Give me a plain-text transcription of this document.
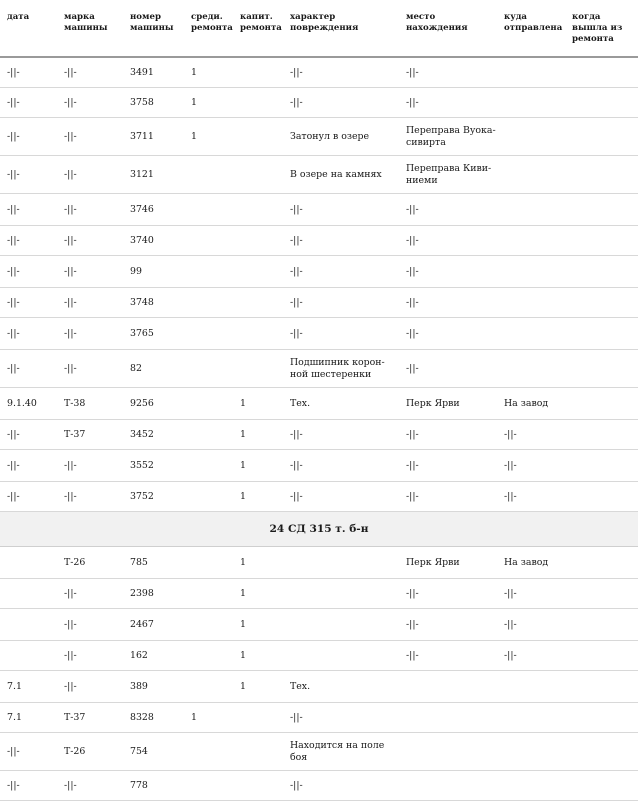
дата	марка машины	номер машины	среди. ремонта	капит. ремонта	характер повреждения	место нахождения	куда отправлена	когда вышла из ремонта
-||-	-||-	3491	1		-||-	-||-		
-||-	-||-	3758	1		-||-	-||-		
-||-	-||-	3711	1		Затонул в озере	Переправа Вуока-сивирта		
-||-	-||-	3121			В озере на камнях	Переправа Киви-ниеми		
-||-	-||-	3746			-||-	-||-		
-||-	-||-	3740			-||-	-||-		
-||-	-||-	99			-||-	-||-		
-||-	-||-	3748			-||-	-||-		
-||-	-||-	3765			-||-	-||-		
-||-	-||-	82			Подшипник корон-ной шестеренки	-||-		
9.1.40	Т-38	9256		1	Тех.	Перк Ярви	На завод	
-||-	Т-37	3452		1	-||-	-||-	-||-	
-||-	-||-	3552		1	-||-	-||-	-||-	
-||-	-||-	3752		1	-||-	-||-	-||-	
24 СД 315 т. б-н								
	Т-26	785		1		Перк Ярви	На завод	
	-||-	2398		1		-||-	-||-	
	-||-	2467		1		-||-	-||-	
	-||-	162		1		-||-	-||-	
7.1	-||-	389		1	Тех.			
7.1	Т-37	8328	1		-||-			
-||-	Т-26	754			Находится на поле боя			
-||-	-||-	778			-||-			
